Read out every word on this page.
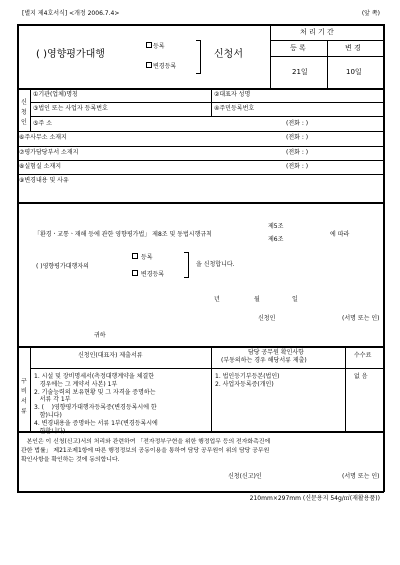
[별지 제4호서식] <개정 2006.7.4>	(앞 쪽)
( )영향평가대행
등록
변경등록
신청서
처 리 기 간
등 록	변 경
21일	10일
신
청
인
①기관(업체)명칭	②대표자 성명
③법인 또는 사업자 등록번호	④주민등록번호
⑤주 소	(전화 : )
⑥주사무소 소재지	(전화 : )
⑦평가담당부서 소재지	(전화 : )
⑧실험실 소재지	(전화 : )
⑨변경내용 및 사유
「환경ㆍ교통ㆍ재해 등에 관한 영향평가법」 제8조 및 동법시행규칙
제5조
제6조
에 따라
( )영향평가대행자의
등록
변경등록
을 신청합니다.
년	월	일
신청인	(서명 또는 인)
귀하
구
비
서
류
신청인(대표자) 제출서류	담당 공무원 확인사항
(부동의하는 경우 해당서류 제출)
수수료
1. 시설 및 장비명세서(측정대행계약을 체결한
경우에는 그 계약서 사본) 1부
2. 기술능력의 보유현황 및 그 자격을 증명하는
서류 각 1부
3. (    )영향평가대행자등록증(변경등록시에 한
함)니다)
4. 변경내용을 증명하는 서류 1부(변경등록시에
한합니다)
1. 법인등기부등본(법인)
2. 사업자등록증(개인)
없 음
본인은 이 신청(신고)서의 처리와 관련하여 「전자정부구현을 위한 행정업무 등의 전자화촉진에
관한 법률」 제21조제1항에 따른 행정정보의 공동이용을 통하여 담당 공무원이 위의 담당 공무원
확인사항을 확인하는 것에 동의합니다.
신청(신고)인	(서명 또는 인)
210mm×297mm (신문용지 54g/㎡(재활용품))
